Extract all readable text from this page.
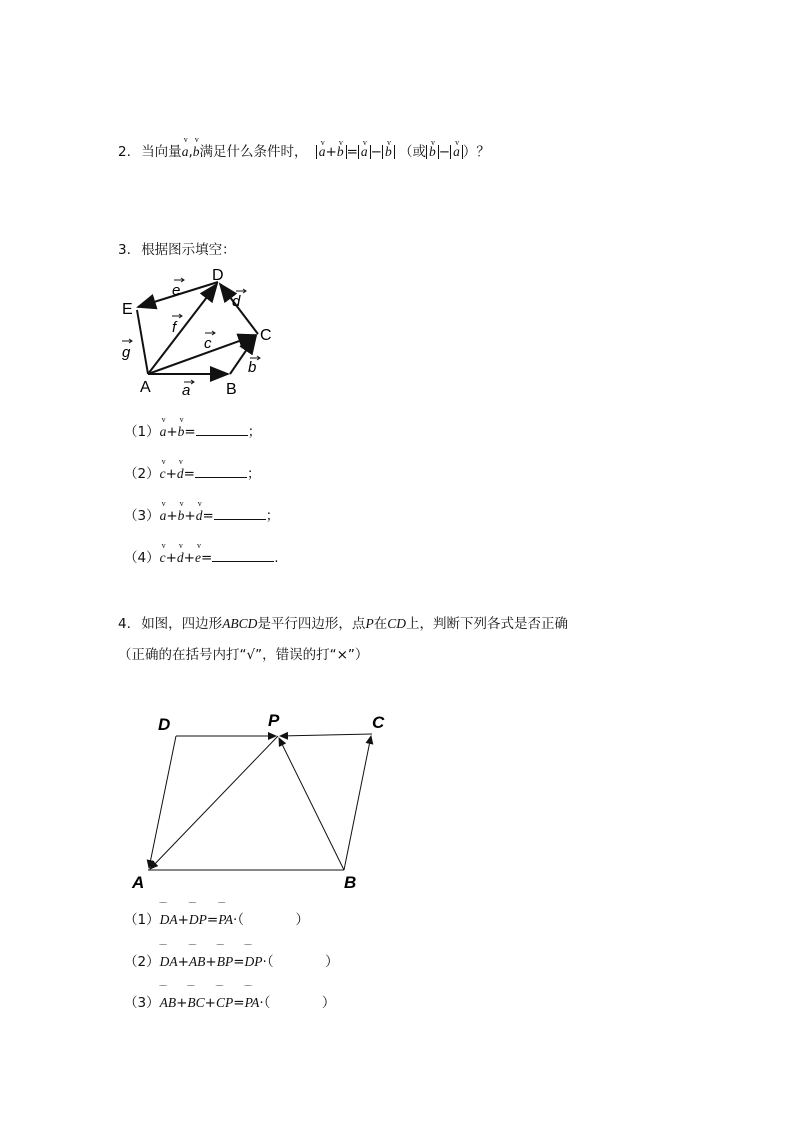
2. 当向量v a,v b满足什么条件时， v a+v b = v a − v b （或 v b − v a ）？
3. 根据图示填空：
A	B
C
D
E
a
b
c
d
e
f
g
（1）v a+v b=	；
（2）v c+v d=	；
（3）v a+v b+v d=	；
（4）v c+v d+v e=	.
4. 如图，四边形ABCD是平行四边形，点P在CD上，判断下列各式是否正确
（正确的在括号内打“√”，错误的打“×”）
A	B
C
D	P
（1）‾‾‾ DA+‾‾‾ DP=‾‾‾ PA·（            ）
（2）‾‾‾ DA+‾‾‾ AB+‾‾‾ BP=‾‾‾ DP·（            ）
（3）‾‾‾ AB+‾‾‾ BC+‾‾‾ CP=‾‾‾ PA·（            ）
